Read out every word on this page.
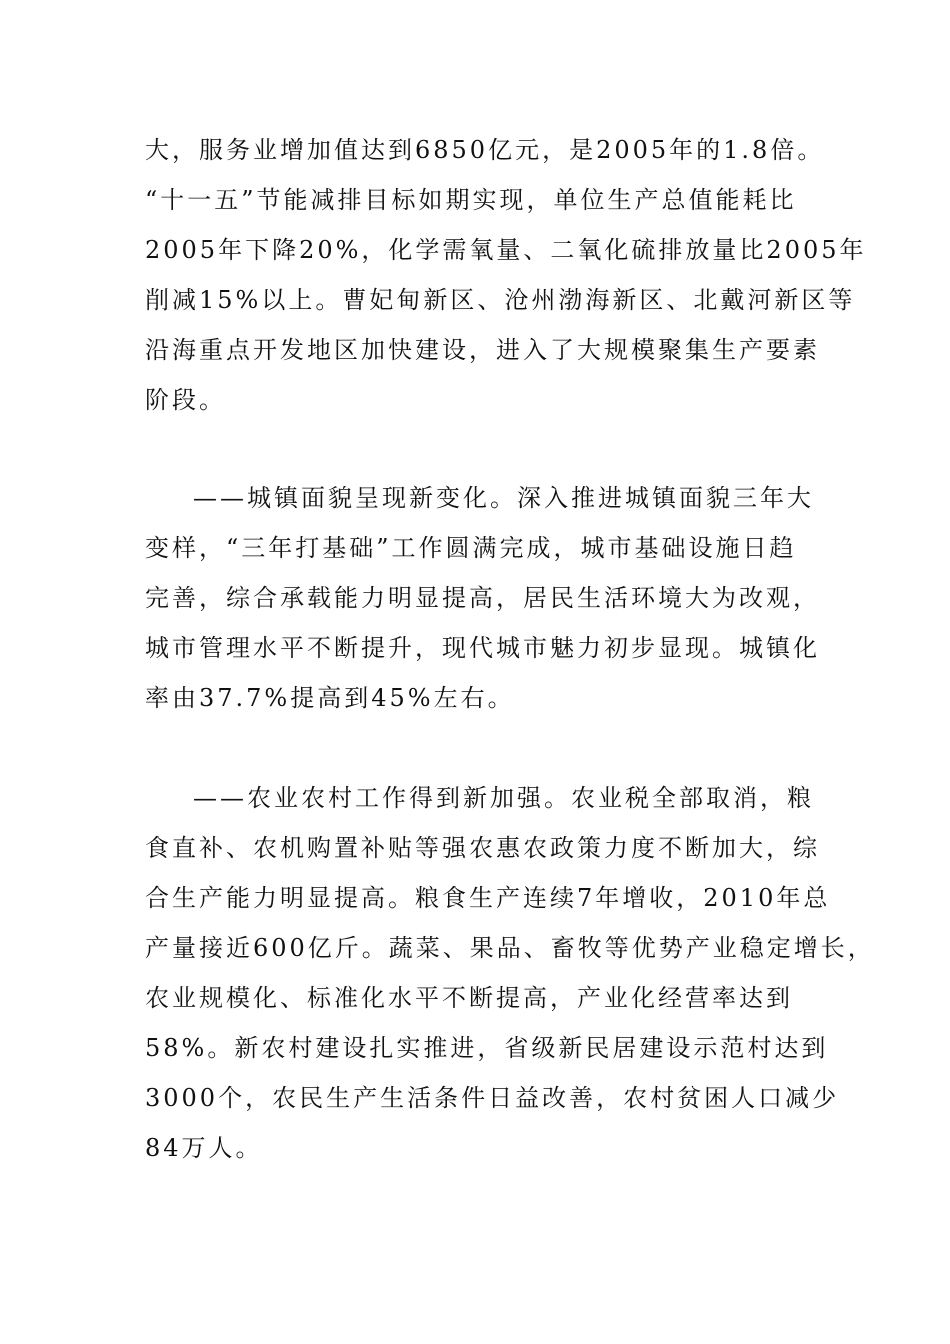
大，服务业增加值达到6850亿元，是2005年的1.8倍。
“十一五”节能减排目标如期实现，单位生产总值能耗比
2005年下降20%，化学需氧量、二氧化硫排放量比2005年
削减15%以上。曹妃甸新区、沧州渤海新区、北戴河新区等
沿海重点开发地区加快建设，进入了大规模聚集生产要素
阶段。
——城镇面貌呈现新变化。深入推进城镇面貌三年大
变样，“三年打基础”工作圆满完成，城市基础设施日趋
完善，综合承载能力明显提高，居民生活环境大为改观，
城市管理水平不断提升，现代城市魅力初步显现。城镇化
率由37.7%提高到45%左右。
——农业农村工作得到新加强。农业税全部取消，粮
食直补、农机购置补贴等强农惠农政策力度不断加大，综
合生产能力明显提高。粮食生产连续7年增收，2010年总
产量接近600亿斤。蔬菜、果品、畜牧等优势产业稳定增长，
农业规模化、标准化水平不断提高，产业化经营率达到
58%。新农村建设扎实推进，省级新民居建设示范村达到
3000个，农民生产生活条件日益改善，农村贫困人口减少
84万人。
